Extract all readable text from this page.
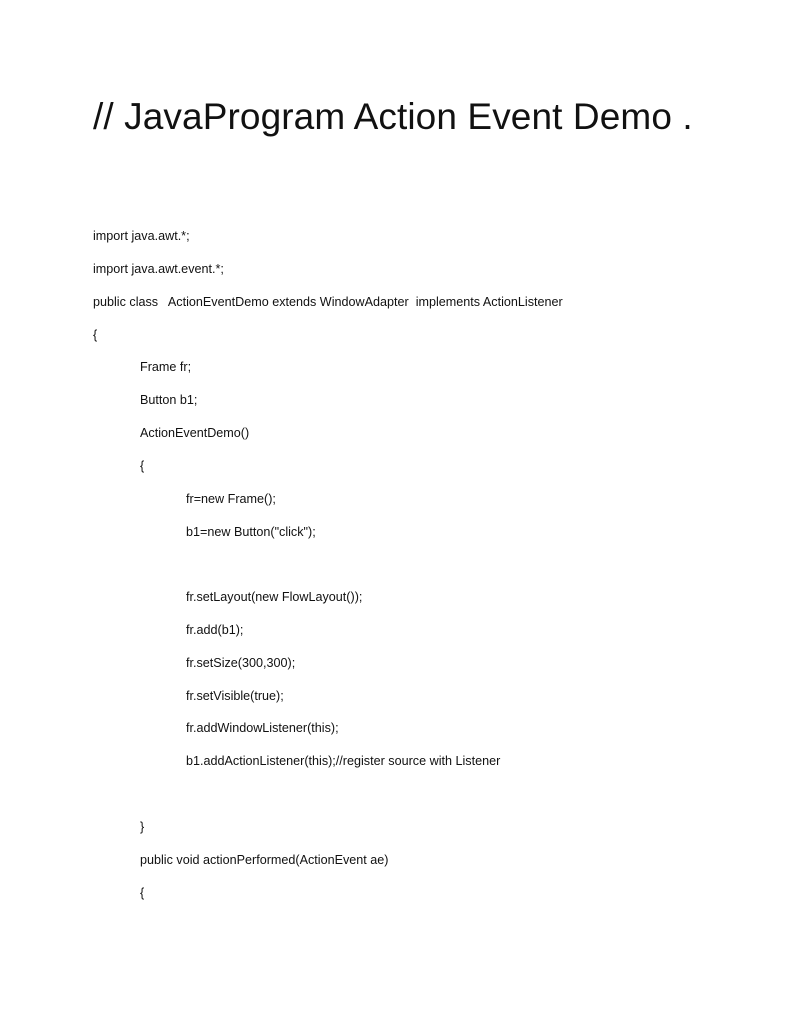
// JavaProgram Action Event Demo .

import java.awt.*;

import java.awt.event.*;

public class   ActionEventDemo extends WindowAdapter  implements ActionListener

{

Frame fr;

Button b1;

ActionEventDemo()

{

fr=new Frame();

b1=new Button("click");

fr.setLayout(new FlowLayout());

fr.add(b1);

fr.setSize(300,300);

fr.setVisible(true);

fr.addWindowListener(this);

b1.addActionListener(this);//register source with Listener

}

public void actionPerformed(ActionEvent ae)

{
